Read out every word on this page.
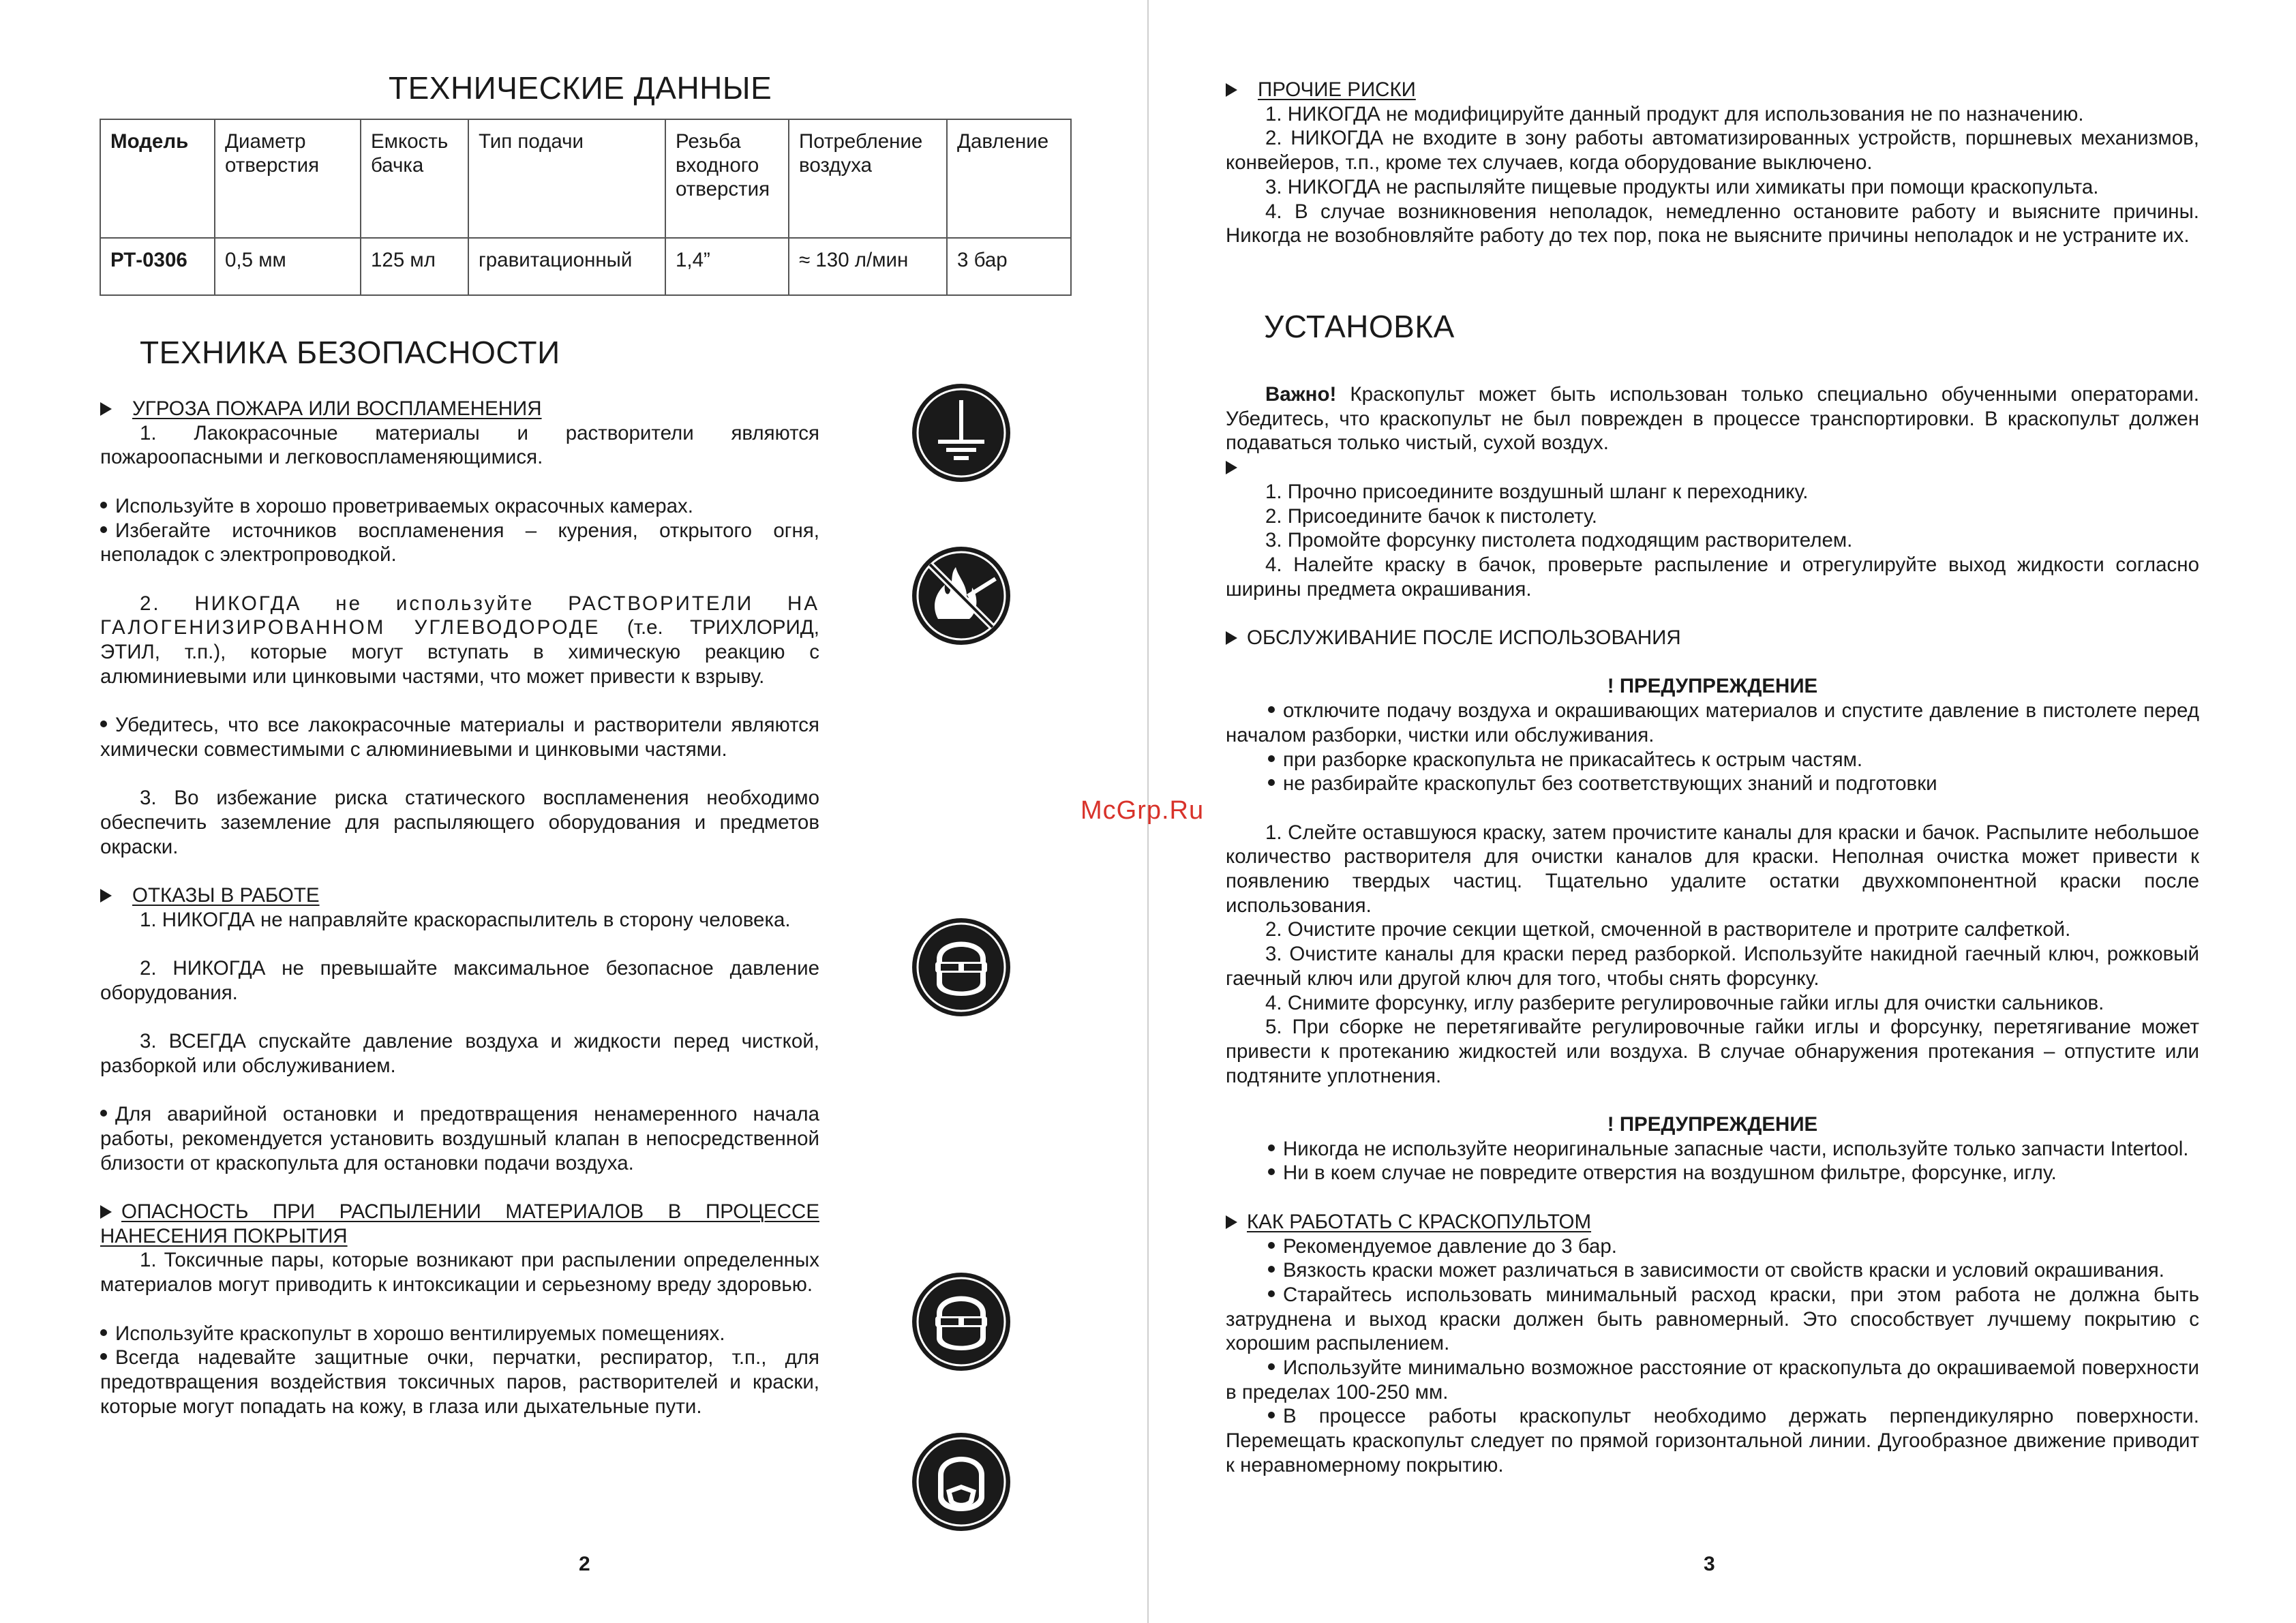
ТЕХНИЧЕСКИЕ ДАННЫЕ
Модель	Диаметр отверстия	Емкость бачка	Тип подачи	Резьба входного отверстия	Потребление воздуха	Давление
РТ-0306	0,5 мм	125 мл	гравитационный	1,4”	≈ 130 л/мин	3 бар
ТЕХНИКА БЕЗОПАСНОСТИ

УГРОЗА ПОЖАРА ИЛИ ВОСПЛАМЕНЕНИЯ

1. Лакокрасочные материалы и растворители являются пожароопасными и легковоспламеняющимися.

Используйте в хорошо проветриваемых окрасочных камерах.

Избегайте источников воспламенения – курения, открытого огня, неполадок с электропроводкой.

2. НИКОГДА не используйте РАСТВОРИТЕЛИ НА ГАЛОГЕНИЗИРОВАННОМ УГЛЕВОДОРОДЕ (т.е. ТРИХЛОРИД, ЭТИЛ, т.п.), которые могут вступать в химическую реакцию с алюминиевыми или цинковыми частями, что может привести к взрыву.

Убедитесь, что все лакокрасочные материалы и растворители являются химически совместимыми с алюминиевыми и цинковыми частями.

3. Во избежание риска статического воспламенения необходимо обеспечить заземление для распыляющего оборудования и предметов окраски.

ОТКАЗЫ В РАБОТЕ

1. НИКОГДА не направляйте краскораспылитель в сторону человека.

2. НИКОГДА не превышайте максимальное безопасное давление оборудования.

3. ВСЕГДА спускайте давление воздуха и жидкости перед чисткой, разборкой или обслуживанием.

Для аварийной остановки и предотвращения ненамеренного начала работы, рекомендуется установить воздушный клапан в непосредственной близости от краскопульта для остановки подачи воздуха.

ОПАСНОСТЬ ПРИ РАСПЫЛЕНИИ МАТЕРИАЛОВ В ПРОЦЕССЕ НАНЕСЕНИЯ ПОКРЫТИЯ

1. Токсичные пары, которые возникают при распылении определенных материалов могут приводить к интоксикации и серьезному вреду здоровью.

Используйте краскопульт в хорошо вентилируемых помещениях.

Всегда надевайте защитные очки, перчатки, респиратор, т.п., для предотвращения воздействия токсичных паров, растворителей и краски, которые могут попадать на кожу, в глаза или дыхательные пути.

2
McGrp.Ru

ПРОЧИЕ РИСКИ

1. НИКОГДА не модифицируйте данный продукт для использования не по назначению.

2. НИКОГДА не входите в зону работы автоматизированных устройств, поршневых механизмов, конвейеров, т.п., кроме тех случаев, когда оборудование выключено.

3. НИКОГДА не распыляйте пищевые продукты или химикаты при помощи краскопульта.

4. В случае возникновения неполадок, немедленно остановите работу и выясните причины. Никогда не возобновляйте работу до тех пор, пока не выясните причины неполадок и не устраните их.

УСТАНОВКА

Важно! Краскопульт может быть использован только специально обученными операторами. Убедитесь, что краскопульт не был поврежден в процессе транспортировки. В краскопульт должен подаваться только чистый, сухой воздух.

1. Прочно присоедините воздушный шланг к переходнику.

2. Присоедините бачок к пистолету.

3. Промойте форсунку пистолета подходящим растворителем.

4. Налейте краску в бачок, проверьте распыление и отрегулируйте выход жидкости согласно ширины предмета окрашивания.

ОБСЛУЖИВАНИЕ ПОСЛЕ ИСПОЛЬЗОВАНИЯ

! ПРЕДУПРЕЖДЕНИЕ

отключите подачу воздуха и окрашивающих материалов и спустите давление в пистолете перед началом разборки, чистки или обслуживания.

при разборке краскопульта не прикасайтесь к острым частям.

не разбирайте краскопульт без соответствующих знаний и подготовки

1. Слейте оставшуюся краску, затем прочистите каналы для краски и бачок. Распылите небольшое количество растворителя для очистки каналов для краски. Неполная очистка может привести к появлению твердых частиц. Тщательно удалите остатки двухкомпонентной краски после использования.

2. Очистите прочие секции щеткой, смоченной в растворителе и протрите салфеткой.

3. Очистите каналы для краски перед разборкой. Используйте накидной гаечный ключ, рожковый гаечный ключ или другой ключ для того, чтобы снять форсунку.

4. Снимите форсунку, иглу разберите регулировочные гайки иглы для очистки сальников.

5. При сборке не перетягивайте регулировочные гайки иглы и форсунку, перетягивание может привести к протеканию жидкостей или воздуха. В случае обнаружения протекания – отпустите или подтяните уплотнения.

! ПРЕДУПРЕЖДЕНИЕ

Никогда не используйте неоригинальные запасные части, используйте только запчасти Intertool.

Ни в коем случае не повредите отверстия на воздушном фильтре, форсунке, иглу.

КАК РАБОТАТЬ С КРАСКОПУЛЬТОМ

Рекомендуемое давление до 3 бар.

Вязкость краски может различаться в зависимости от свойств краски и условий окрашивания.

Старайтесь использовать минимальный расход краски, при этом работа не должна быть затруднена и выход краски должен быть равномерный. Это способствует лучшему покрытию с хорошим распылением.

Используйте минимально возможное расстояние от краскопульта до окрашиваемой поверхности в пределах 100-250 мм.

В процессе работы краскопульт необходимо держать перпендикулярно поверхности. Перемещать краскопульт следует по прямой горизонтальной линии. Дугообразное движение приводит к неравномерному покрытию.

3
